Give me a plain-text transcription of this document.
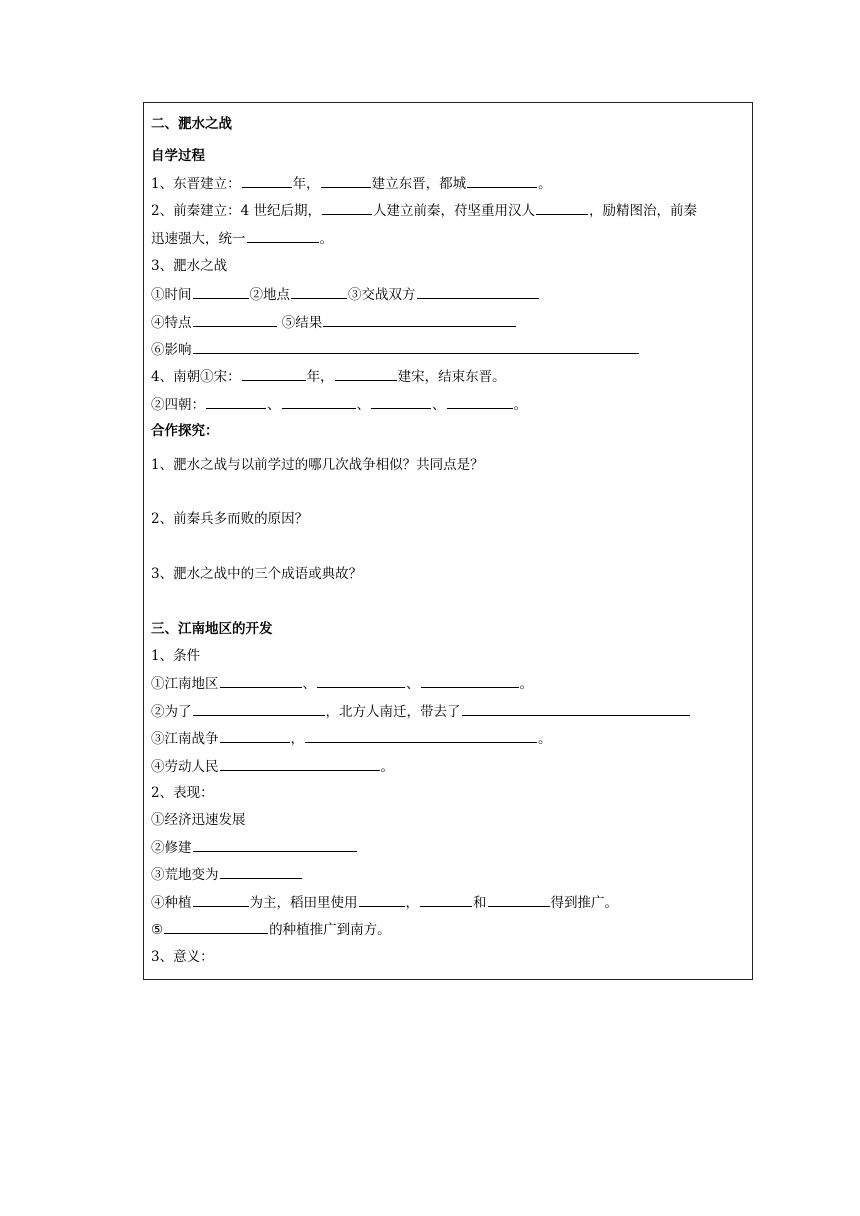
二、淝水之战
自学过程
1、东晋建立：	年，	建立东晋，都城	。
2、前秦建立：4 世纪后期，	人建立前秦，苻坚重用汉人	，励精图治，前秦
迅速强大，统一	。
3、淝水之战
①时间	②地点	③交战双方
④特点	⑤结果
⑥影响
4、南朝①宋：	年，	建宋，结束东晋。
②四朝：	、	、	、	。
合作探究：
1、淝水之战与以前学过的哪几次战争相似？共同点是？
2、前秦兵多而败的原因？
3、淝水之战中的三个成语或典故？
三、江南地区的开发
1、条件
①江南地区	、	、	。
②为了	，北方人南迁，带去了
③江南战争	，	。
④劳动人民	。
2、表现：
①经济迅速发展
②修建
③荒地变为
④种植	为主，稻田里使用	，	和	得到推广。
⑤	的种植推广到南方。
3、意义：
